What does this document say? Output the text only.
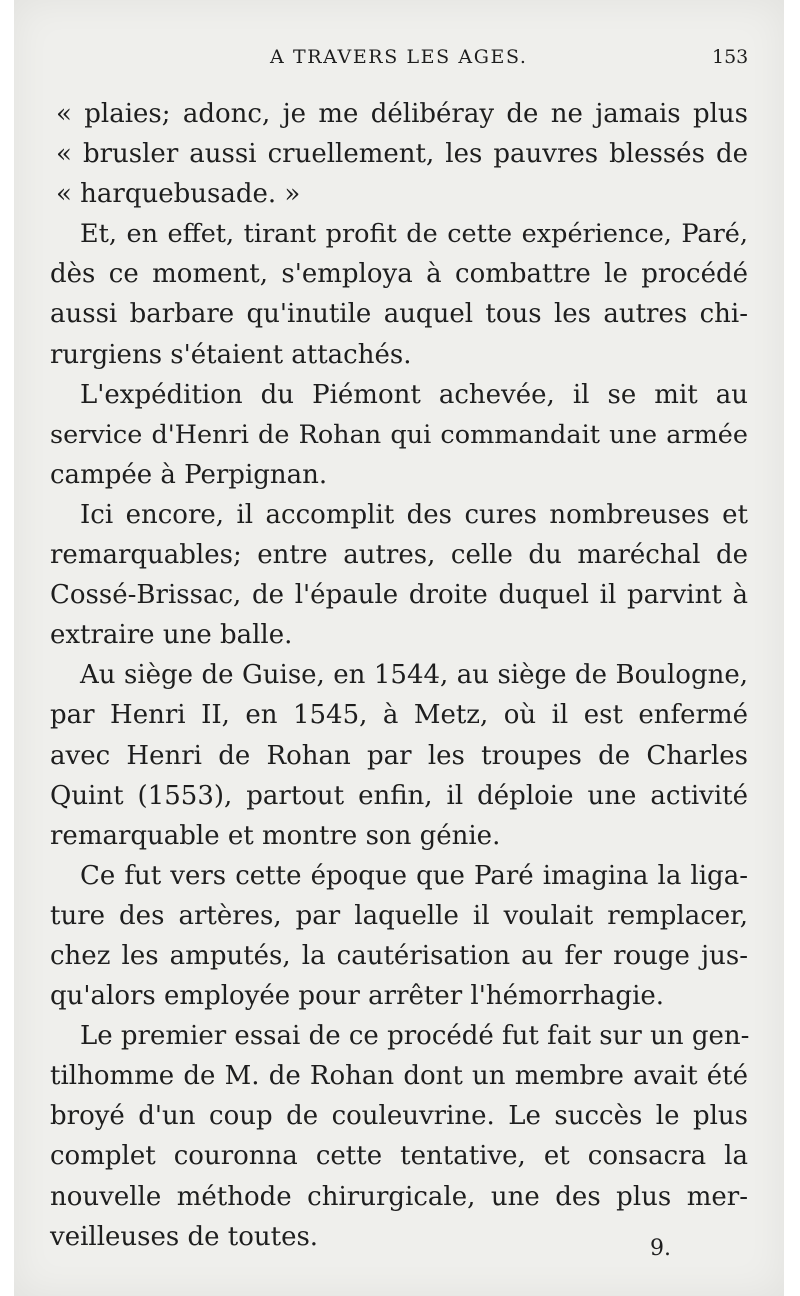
A TRAVERS LES AGES.	153
« plaies; adonc, je me délibéray de ne jamais plus
« brusler aussi cruellement, les pauvres blessés de
« harquebusade. »
Et, en effet, tirant profit de cette expérience, Paré,
dès ce moment, s'employa à combattre le procédé
aussi barbare qu'inutile auquel tous les autres chi-
rurgiens s'étaient attachés.
L'expédition du Piémont achevée, il se mit au
service d'Henri de Rohan qui commandait une armée
campée à Perpignan.
Ici encore, il accomplit des cures nombreuses et
remarquables; entre autres, celle du maréchal de
Cossé-Brissac, de l'épaule droite duquel il parvint à
extraire une balle.
Au siège de Guise, en 1544, au siège de Boulogne,
par Henri II, en 1545, à Metz, où il est enfermé
avec Henri de Rohan par les troupes de Charles
Quint (1553), partout enfin, il déploie une activité
remarquable et montre son génie.
Ce fut vers cette époque que Paré imagina la liga-
ture des artères, par laquelle il voulait remplacer,
chez les amputés, la cautérisation au fer rouge jus-
qu'alors employée pour arrêter l'hémorrhagie.
Le premier essai de ce procédé fut fait sur un gen-
tilhomme de M. de Rohan dont un membre avait été
broyé d'un coup de couleuvrine. Le succès le plus
complet couronna cette tentative, et consacra la
nouvelle méthode chirurgicale, une des plus mer-
veilleuses de toutes.	9.
